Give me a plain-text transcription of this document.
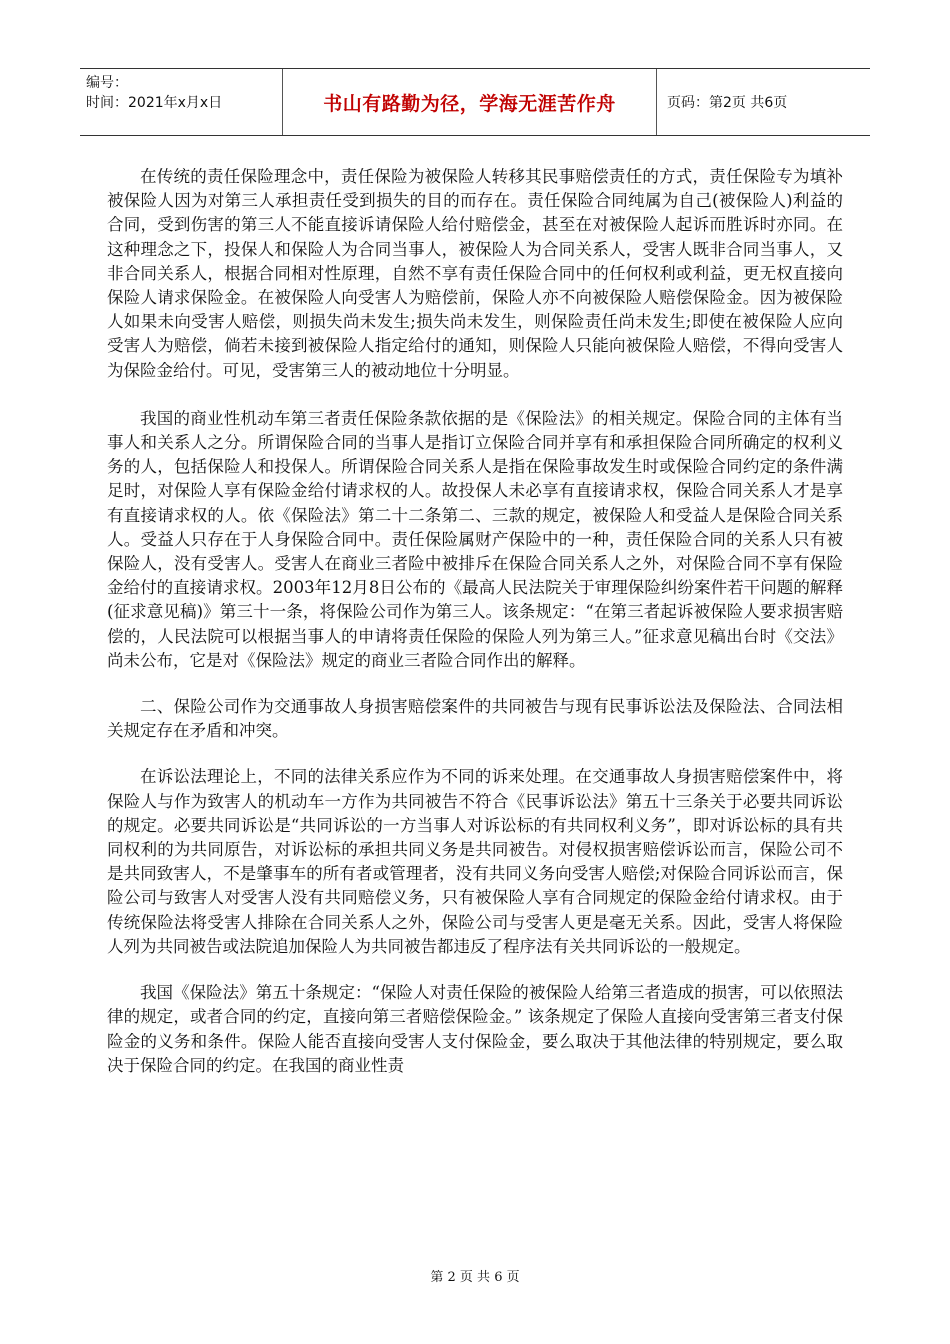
编号：
时间：2021年x月x日	书山有路勤为径，学海无涯苦作舟	页码：第2页 共6页

在传统的责任保险理念中，责任保险为被保险人转移其民事赔偿责任的方式，责任保险专为填补被保险人因为对第三人承担责任受到损失的目的而存在。责任保险合同纯属为自己(被保险人)利益的合同，受到伤害的第三人不能直接诉请保险人给付赔偿金，甚至在对被保险人起诉而胜诉时亦同。在这种理念之下，投保人和保险人为合同当事人，被保险人为合同关系人，受害人既非合同当事人，又非合同关系人，根据合同相对性原理，自然不享有责任保险合同中的任何权利或利益，更无权直接向保险人请求保险金。在被保险人向受害人为赔偿前，保险人亦不向被保险人赔偿保险金。因为被保险人如果未向受害人赔偿，则损失尚未发生;损失尚未发生，则保险责任尚未发生;即使在被保险人应向受害人为赔偿，倘若未接到被保险人指定给付的通知，则保险人只能向被保险人赔偿，不得向受害人为保险金给付。可见，受害第三人的被动地位十分明显。

我国的商业性机动车第三者责任保险条款依据的是《保险法》的相关规定。保险合同的主体有当事人和关系人之分。所谓保险合同的当事人是指订立保险合同并享有和承担保险合同所确定的权利义务的人，包括保险人和投保人。所谓保险合同关系人是指在保险事故发生时或保险合同约定的条件满足时，对保险人享有保险金给付请求权的人。故投保人未必享有直接请求权，保险合同关系人才是享有直接请求权的人。依《保险法》第二十二条第二、三款的规定，被保险人和受益人是保险合同关系人。受益人只存在于人身保险合同中。责任保险属财产保险中的一种，责任保险合同的关系人只有被保险人，没有受害人。受害人在商业三者险中被排斥在保险合同关系人之外，对保险合同不享有保险金给付的直接请求权。2003年12月8日公布的《最高人民法院关于审理保险纠纷案件若干问题的解释(征求意见稿)》第三十一条，将保险公司作为第三人。该条规定：“在第三者起诉被保险人要求损害赔偿的，人民法院可以根据当事人的申请将责任保险的保险人列为第三人。”征求意见稿出台时《交法》尚未公布，它是对《保险法》规定的商业三者险合同作出的解释。

二、保险公司作为交通事故人身损害赔偿案件的共同被告与现有民事诉讼法及保险法、合同法相关规定存在矛盾和冲突。

在诉讼法理论上，不同的法律关系应作为不同的诉来处理。在交通事故人身损害赔偿案件中，将保险人与作为致害人的机动车一方作为共同被告不符合《民事诉讼法》第五十三条关于必要共同诉讼的规定。必要共同诉讼是“共同诉讼的一方当事人对诉讼标的有共同权利义务”，即对诉讼标的具有共同权利的为共同原告，对诉讼标的承担共同义务是共同被告。对侵权损害赔偿诉讼而言，保险公司不是共同致害人，不是肇事车的所有者或管理者，没有共同义务向受害人赔偿;对保险合同诉讼而言，保险公司与致害人对受害人没有共同赔偿义务，只有被保险人享有合同规定的保险金给付请求权。由于传统保险法将受害人排除在合同关系人之外，保险公司与受害人更是毫无关系。因此，受害人将保险人列为共同被告或法院追加保险人为共同被告都违反了程序法有关共同诉讼的一般规定。

我国《保险法》第五十条规定：“保险人对责任保险的被保险人给第三者造成的损害，可以依照法律的规定，或者合同的约定，直接向第三者赔偿保险金。” 该条规定了保险人直接向受害第三者支付保险金的义务和条件。保险人能否直接向受害人支付保险金，要么取决于其他法律的特别规定，要么取决于保险合同的约定。在我国的商业性责

第 2 页 共 6 页
